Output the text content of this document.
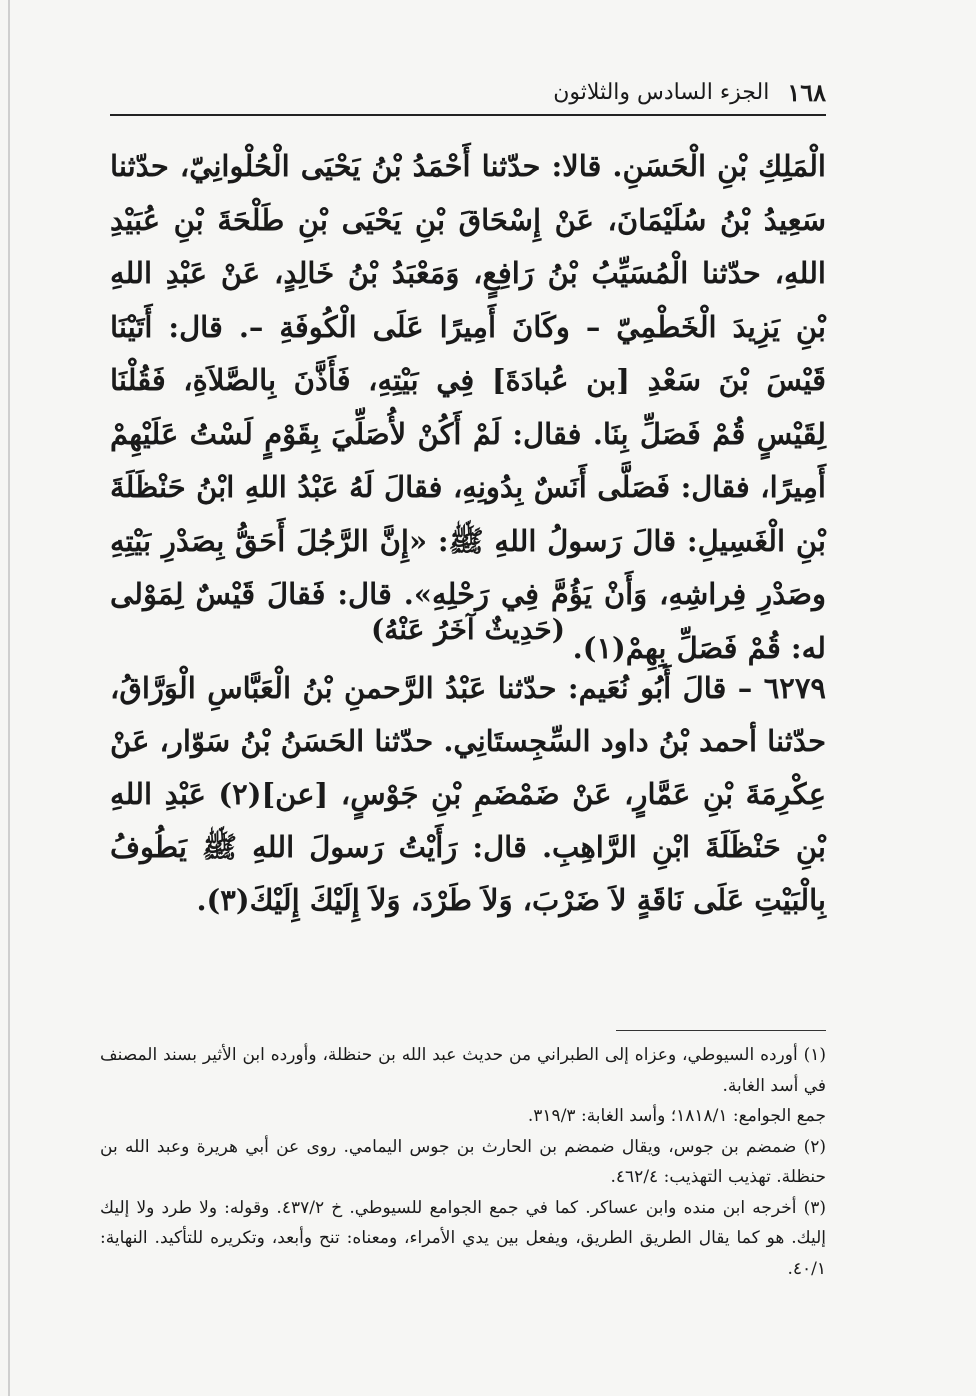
١٦٨
الجزء السادس والثلاثون
الْمَلِكِ بْنِ الْحَسَنِ. قالا: حدّثنا أَحْمَدُ بْنُ يَحْيَى الْحُلْوانِيّ، حدّثنا سَعِيدُ بْنُ سُلَيْمَانَ، عَنْ إِسْحَاقَ بْنِ يَحْيَى بْنِ طَلْحَةَ بْنِ عُبَيْدِ اللهِ، حدّثنا الْمُسَيِّبُ بْنُ رَافِعٍ، وَمَعْبَدُ بْنُ خَالِدٍ، عَنْ عَبْدِ اللهِ بْنِ يَزِيدَ الْخَطْمِيّ – وكَانَ أَمِيرًا عَلَى الْكُوفَةِ –. قال: أَتَيْنَا قَيْسَ بْنَ سَعْدِ [بن عُبادَةَ] فِي بَيْتِهِ، فَأَذَّنَ بِالصَّلاَةِ، فَقُلْنَا لِقَيْسٍ قُمْ فَصَلِّ بِنَا. فقال: لَمْ أَكُنْ لأُصَلِّيَ بِقَوْمٍ لَسْتُ عَلَيْهِمْ أَمِيرًا، فقال: فَصَلَّى أَنَسٌ بِدُونِهِ، فقالَ لَهُ عَبْدُ اللهِ ابْنُ حَنْظَلَةَ بْنِ الْغَسِيلِ: قالَ رَسولُ اللهِ ﷺ: «إِنَّ الرَّجُلَ أَحَقُّ بِصَدْرِ بَيْتِهِ وصَدْرِ فِراشِهِ، وَأَنْ يَؤُمَّ فِي رَحْلِهِ». قال: فَقالَ قَيْسٌ لِمَوْلى له: قُمْ فَصَلِّ بِهِمْ(١).
(حَدِيثٌ آخَرُ عَنْهُ)
٦٢٧٩ – قالَ أَبُو نُعَيم: حدّثنا عَبْدُ الرَّحمنِ بْنُ الْعَبَّاسِ الْوَرَّاقُ، حدّثنا أحمد بْنُ داود السِّجِستَانِي. حدّثنا الحَسَنُ بْنُ سَوّار، عَنْ عِكْرِمَةَ بْنِ عَمَّارٍ، عَنْ ضَمْضَمِ بْنِ جَوْسٍ، [عن](٢) عَبْدِ اللهِ بْنِ حَنْظَلَةَ ابْنِ الرَّاهِبِ. قال: رَأَيْتُ رَسولَ اللهِ ﷺ يَطُوفُ بِالْبَيْتِ عَلَى نَاقَةٍ لاَ ضَرْبَ، وَلاَ طَرْدَ، وَلاَ إِلَيْكَ إِلَيْكَ(٣).
(١) أورده السيوطي، وعزاه إلى الطبراني من حديث عبد الله بن حنظلة، وأورده ابن الأثير بسند المصنف في أسد الغابة.
جمع الجوامع: ١٨١٨/١؛ وأسد الغابة: ٣١٩/٣.
(٢) ضمضم بن جوس، ويقال ضمضم بن الحارث بن جوس اليمامي. روى عن أبي هريرة وعبد الله بن حنظلة. تهذيب التهذيب: ٤٦٢/٤.
(٣) أخرجه ابن منده وابن عساكر. كما في جمع الجوامع للسيوطي. خ ٤٣٧/٢. وقوله: ولا طرد ولا إليك إليك. هو كما يقال الطريق الطريق، ويفعل بين يدي الأمراء، ومعناه: تنح وأبعد، وتكريره للتأكيد. النهاية: ٤٠/١.
